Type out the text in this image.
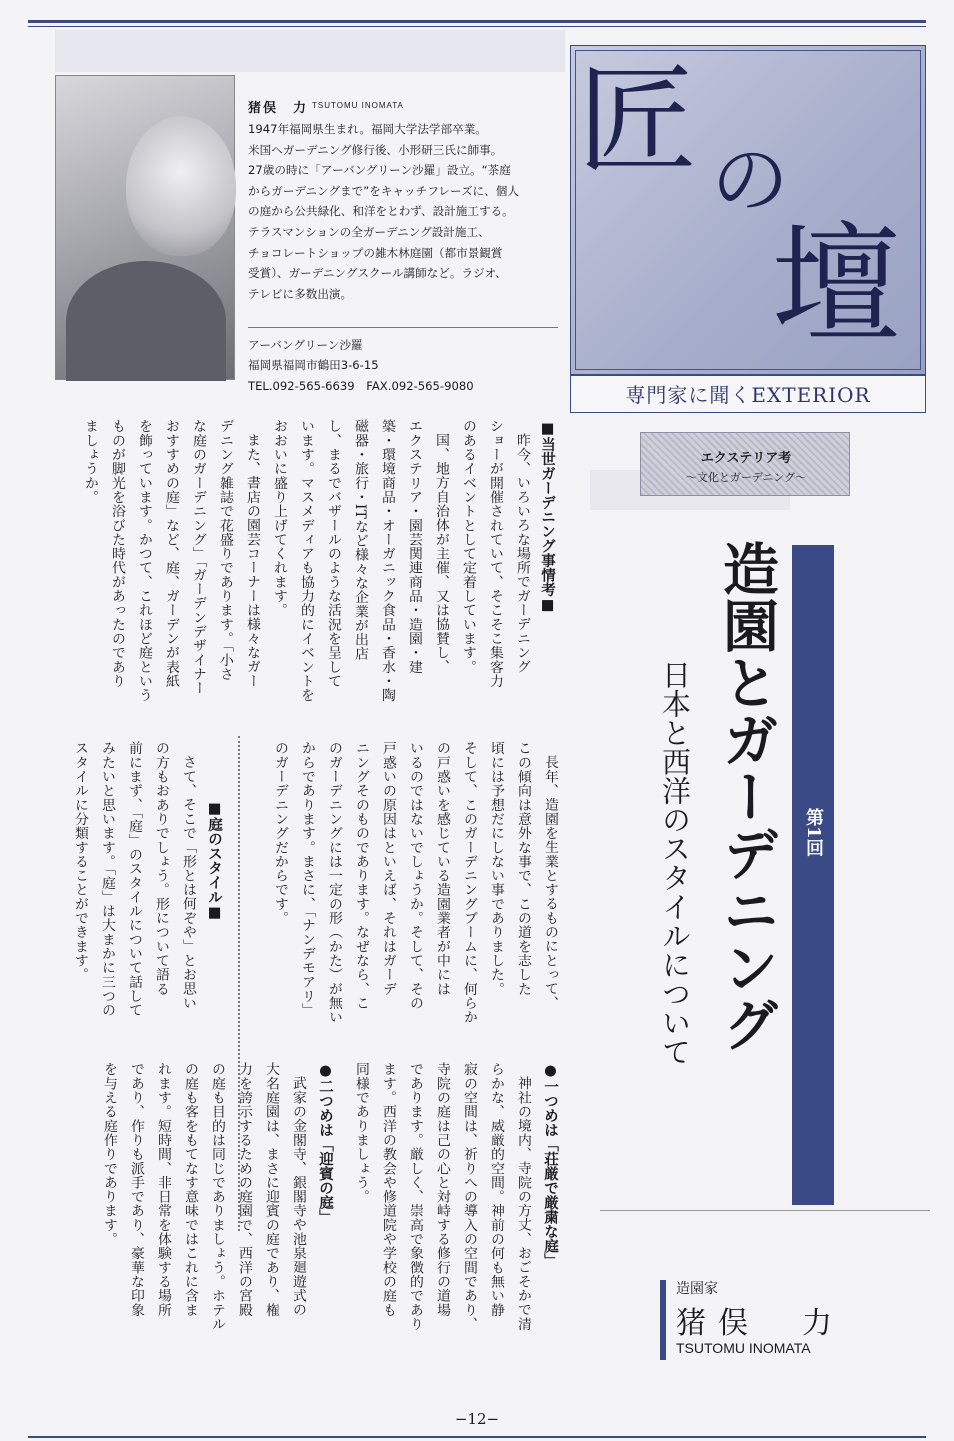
猪俣　力 TSUTOMU INOMATA
1947年福岡県生まれ。福岡大学法学部卒業。
米国へガーデニング修行後、小形研三氏に師事。
27歳の時に「アーバングリーン沙羅」設立。“茶庭
からガーデニングまで”をキャッチフレーズに、個人
の庭から公共緑化、和洋をとわず、設計施工する。
テラスマンションの全ガーデニング設計施工、
チョコレートショップの雑木林庭園（都市景観賞
受賞）、ガーデニングスクール講師など。ラジオ、
テレビに多数出演。
アーバングリーン沙羅
福岡県福岡市鶴田3-6-15
TEL.092-565-6639　FAX.092-565-9080
匠 の
壇
専門家に聞くEXTERIOR
エクステリア考
〜文化とガーデニング〜
造園とガーデニング
日本と西洋のスタイルについて	第1回
造園家
猪俣　力
TSUTOMU INOMATA
■当世ガーデニング事情考■
昨今、いろいろな場所でガーデニング
ショーが開催されていて、そこそこ集客力
のあるイベントとして定着しています。
国、地方自治体が主催、又は協賛し、
エクステリア・園芸関連商品・造園・建
築・環境商品・オーガニック食品・香水・陶
磁器・旅行・ITなど様々な企業が出店
し、まるでバザールのような活況を呈して
います。マスメディアも協力的にイベントを
おおいに盛り上げてくれます。
また、書店の園芸コーナーは様々なガー
デニング雑誌で花盛りであります。「小さ
な庭のガーデニング」「ガーデンデザイナー
おすすめの庭」など、庭、ガーデンが表紙
を飾っています。かつて、これほど庭という
ものが脚光を浴びた時代があったのであり
ましょうか。
長年、造園を生業とするものにとって、
この傾向は意外な事で、この道を志した
頃には予想だにしない事でありました。
そして、このガーデニングブームに、何らか
の戸惑いを感じている造園業者が中には
いるのではないでしょうか。そして、その
戸惑いの原因はといえば、それはガーデ
ニングそのものであります。なぜなら、こ
のガーデニングには一定の形（かた）が無い
からであります。まさに、「ナンデモアリ」
のガーデニングだからです。
■庭のスタイル■
さて、そこで「形とは何ぞや」とお思い
の方もおありでしょう。形について語る
前にまず、「庭」のスタイルについて話して
みたいと思います。「庭」は大まかに三つの
スタイルに分類することができます。
●一つめは「荘厳で厳粛な庭」
神社の境内、寺院の方丈、おごそかで清
らかな、威厳的空間。神前の何も無い静
寂の空間は、祈りへの導入の空間であり、
寺院の庭は己の心と対峙する修行の道場
であります。厳しく、崇高で象徴的であり
ます。西洋の教会や修道院や学校の庭も
同様でありましょう。
●二つめは「迎賓の庭」
武家の金閣寺、銀閣寺や池泉廻遊式の
大名庭園は、まさに迎賓の庭であり、権
力を誇示するための庭園で、西洋の宮殿
の庭も目的は同じでありましょう。ホテル
の庭も客をもてなす意味ではこれに含ま
れます。短時間、非日常を体験する場所
であり、作りも派手であり、豪華な印象
を与える庭作りであります。
−12−
